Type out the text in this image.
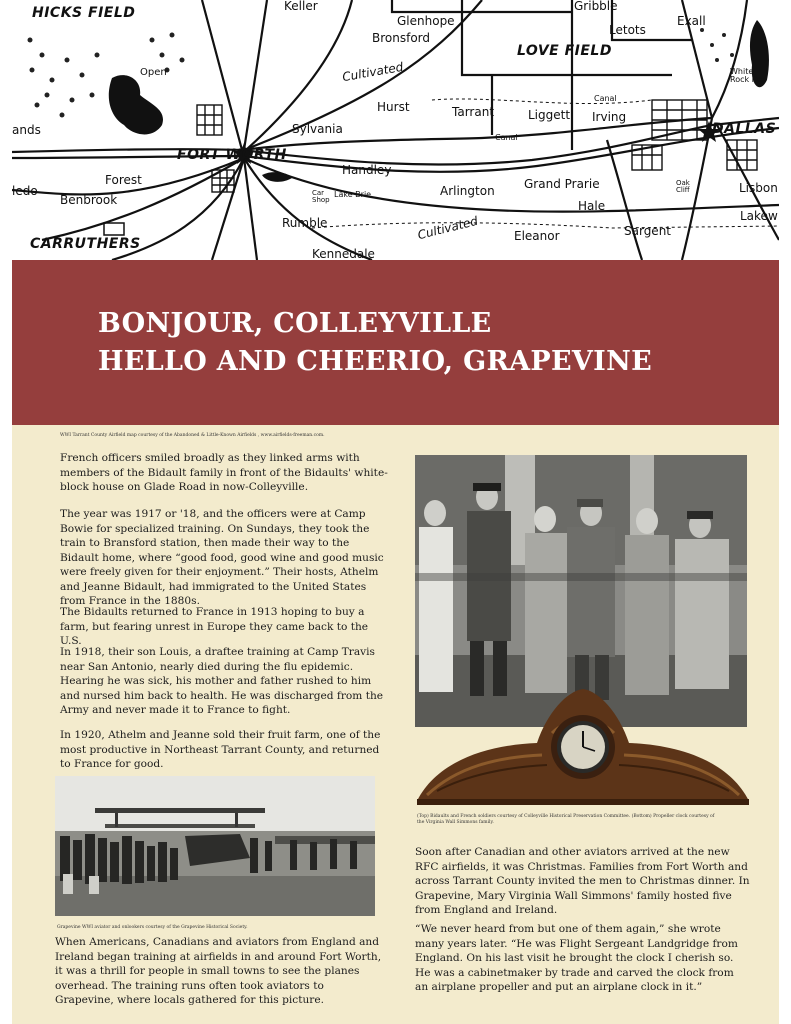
HICKS FIELD	Keller
Glenhope
Bronsford
Gribble
Exall
Letots
LOVE FIELD
White Rock Res
Open	Cultivated
Hurst	Tarrant	Liggett
Canal
Irving
DALLAS
ands	Sylvania
Canal
FORT WORTH
Handley
Forest
Car Shop
Lake Brie	Arlington Grand Prarie	Oak Cliff	Lisbon
ledo
Benbrook	Hale
Lakew
Rumble	Cultivated	Eleanor	Sargent
CARRUTHERS
Kennedale
BONJOUR, COLLEYVILLE
HELLO AND CHEERIO, GRAPEVINE
WWI Tarrant County Airfield map courtesy of the Abandoned & Little-Known Airfields , www.airfields-freeman.com.

French officers smiled broadly as they linked arms with members of the Bidault family in front of the Bidaults' white-block house on Glade Road in now-Colleyville.

The year was 1917 or '18, and the officers were at Camp Bowie for specialized training. On Sundays, they took the train to Bransford station, then made their way to the Bidault home, where “good food, good wine and good music were freely given for their enjoyment.” Their hosts, Athelm and Jeanne Bidault, had immigrated to the United States from France in the 1880s.

The Bidaults returned to France in 1913 hoping to buy a farm, but fearing unrest in Europe they came back to the U.S.

In 1918, their son Louis, a draftee training at Camp Travis near San Antonio, nearly died during the flu epidemic. Hearing he was sick, his mother and father rushed to him and nursed him back to health. He was discharged from the Army and never made it to France to fight.

In 1920, Athelm and Jeanne sold their fruit farm, one of the most productive in Northeast Tarrant County, and returned to France for good.

Grapevine WWI aviator and onlookers courtesy of the Grapevine Historical Society.

When Americans, Canadians and aviators from England and Ireland began training at airfields in and around Fort Worth, it was a thrill for people in small towns to see the planes overhead. The training runs often took aviators to Grapevine, where locals gathered for this picture.

(Top) Bidaults and French soldiers courtesy of Colleyville Historical Preservation Committee. (Bottom) Propeller clock courtesy of
the Virginia Wall Simmons family.

Soon after Canadian and other aviators arrived at the new RFC airfields, it was Christmas. Families from Fort Worth and across Tarrant County invited the men to Christmas dinner. In Grapevine, Mary Virginia Wall Simmons' family hosted five from England and Ireland.

“We never heard from but one of them again,” she wrote many years later. “He was Flight Sergeant Landgridge from England. On his last visit he brought the clock I cherish so. He was a cabinetmaker by trade and carved the clock from an airplane propeller and put an airplane clock in it.”
